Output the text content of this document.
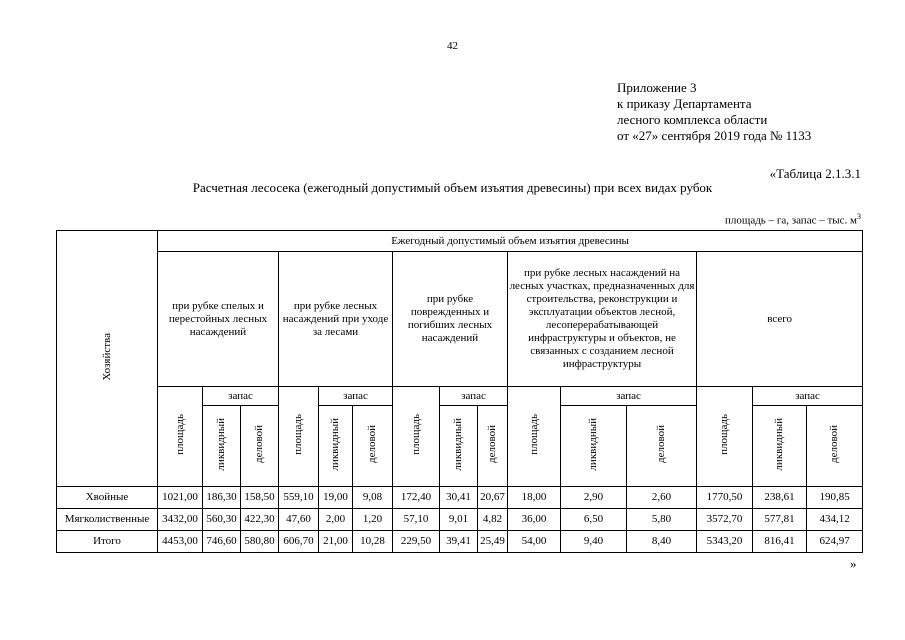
42
Приложение 3
к приказу Департамента
лесного комплекса области
от «27» сентября 2019 года № 1133
«Таблица 2.1.3.1
Расчетная лесосека (ежегодный допустимый объем изъятия древесины) при всех видах рубок
площадь – га, запас – тыс. $м^3$
Хозяйства	Ежегодный допустимый объем изъятия древесины														
	при рубке спелых и перестойных лесных насаждений			при рубке лесных насаждений при уходе за лесами			при рубке поврежденных и погибших лесных насаждений			при рубке лесных насаждений на лесных участках, предназначенных для строительства, реконструкции и эксплуатации объектов лесной, лесоперерабатывающей инфраструктуры и объектов, не связанных с созданием лесной инфраструктуры			всего		
	площадь	запас		площадь	запас		площадь	запас		площадь	запас		площадь	запас	
		ликвидный	деловой		ликвидный	деловой		ликвидный	деловой		ликвидный	деловой		ликвидный	деловой
Хвойные	1021,00	186,30	158,50	559,10	19,00	9,08	172,40	30,41	20,67	18,00	2,90	2,60	1770,50	238,61	190,85
Мягколиственные	3432,00	560,30	422,30	47,60	2,00	1,20	57,10	9,01	4,82	36,00	6,50	5,80	3572,70	577,81	434,12
Итого	4453,00	746,60	580,80	606,70	21,00	10,28	229,50	39,41	25,49	54,00	9,40	8,40	5343,20	816,41	624,97
»
